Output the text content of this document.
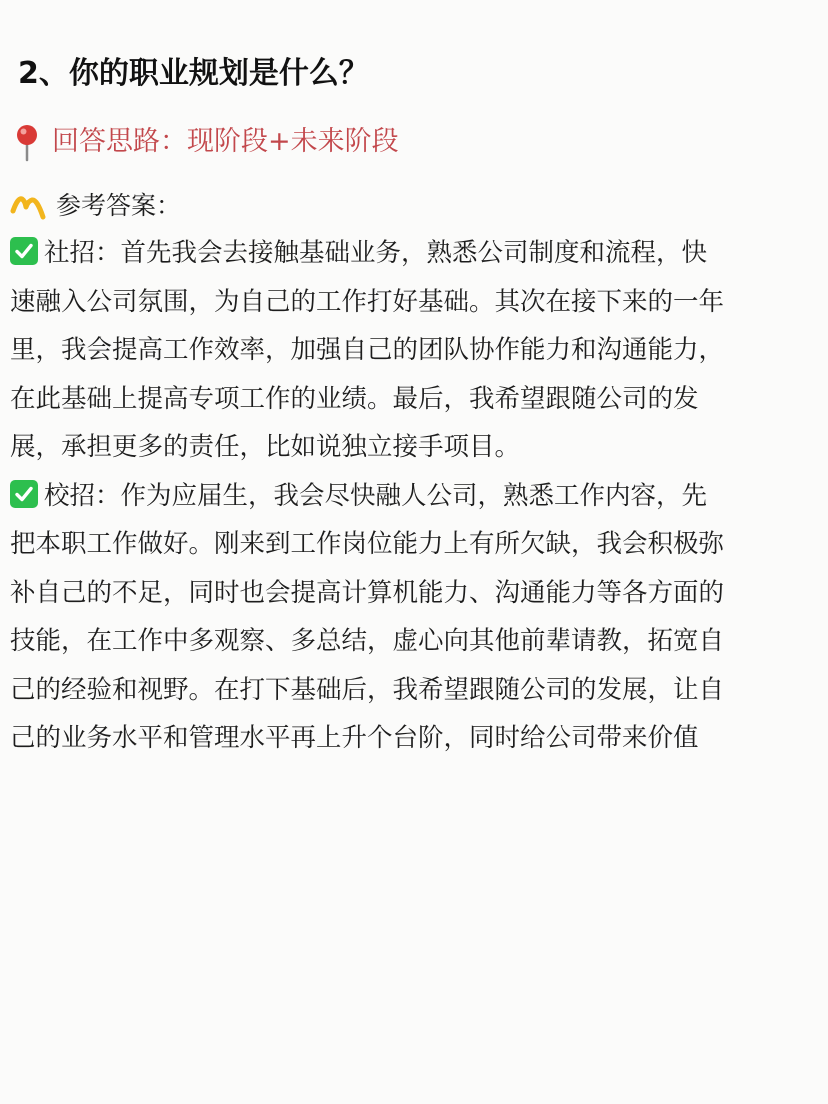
2、你的职业规划是什么？
回答思路：现阶段+未来阶段
参考答案：
社招：首先我会去接触基础业务，熟悉公司制度和流程，快
速融入公司氛围，为自己的工作打好基础。其次在接下来的一年
里，我会提高工作效率，加强自己的团队协作能力和沟通能力，
在此基础上提高专项工作的业绩。最后，我希望跟随公司的发
展，承担更多的责任，比如说独立接手项目。
校招：作为应届生，我会尽快融人公司，熟悉工作内容，先
把本职工作做好。刚来到工作岗位能力上有所欠缺，我会积极弥
补自己的不足，同时也会提高计算机能力、沟通能力等各方面的
技能，在工作中多观察、多总结，虚心向其他前辈请教，拓宽自
己的经验和视野。在打下基础后，我希望跟随公司的发展，让自
己的业务水平和管理水平再上升个台阶，同时给公司带来价值
